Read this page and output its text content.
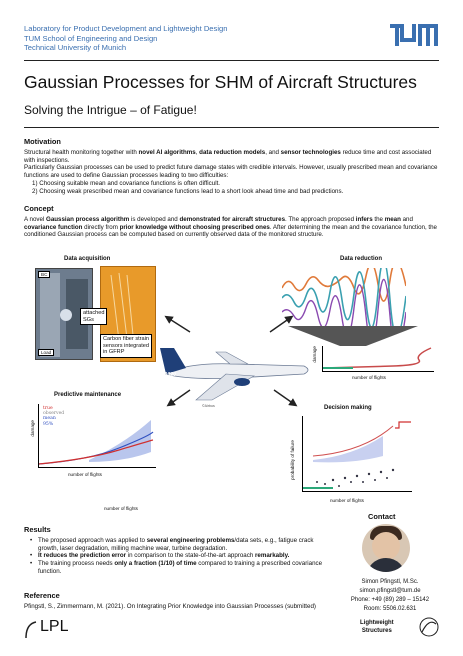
Laboratory for Product Development and Lightweight Design
TUM School of Engineering and Design
Technical University of Munich
Gaussian Processes for SHM of Aircraft Structures
Solving the Intrigue – of Fatigue!
Motivation
Structural health monitoring together with novel AI algorithms, data reduction models, and sensor technologies reduce time and cost associated with inspections.
Particularly Gaussian processes can be used to predict future damage states with credible intervals. However, usually prescribed mean and covariance functions are used to define Gaussian processes leading to two difficulties:
1) Choosing suitable mean and covariance functions is often difficult.
2) Choosing weak prescribed mean and covariance functions lead to a short look ahead time and bad predictions.
Concept
A novel Gaussian process algorithm is developed and demonstrated for aircraft structures. The approach proposed infers the mean and covariance function directly from prior knowledge without choosing prescribed ones. After determining the mean and the covariance function, the conditioned Gaussian process can be computed based on currently observed data of the monitored structure.
Data acquisition	Data reduction
Predictive maintenance
Decision making
BC
Load
attached
SGs
Carbon fiber strain
sensors integrated
in GFRP	damage
number of flights
A320
©Airbus
true
observed
mean
95%
damage
number of flights
number of flights
probability of failure
number of flights
Results
• The proposed approach was applied to several engineering problems/data sets, e.g., fatigue crack growth, laser degradation, milling machine wear, turbine degradation.
• It reduces the prediction error in comparison to the state-of-the-art approach remarkably.
• The training process needs only a fraction (1/10) of time compared to training a prescribed covariance function.
Reference
Pfingstl, S., Zimmermann, M. (2021). On Integrating Prior Knowledge into Gaussian Processes (submitted)
Contact
Simon Pfingstl, M.Sc.
simon.pfingstl@tum.de
Phone: +49 (89) 289 – 15142
Room: 5506.02.631
LPL	Lightweight
Structures
